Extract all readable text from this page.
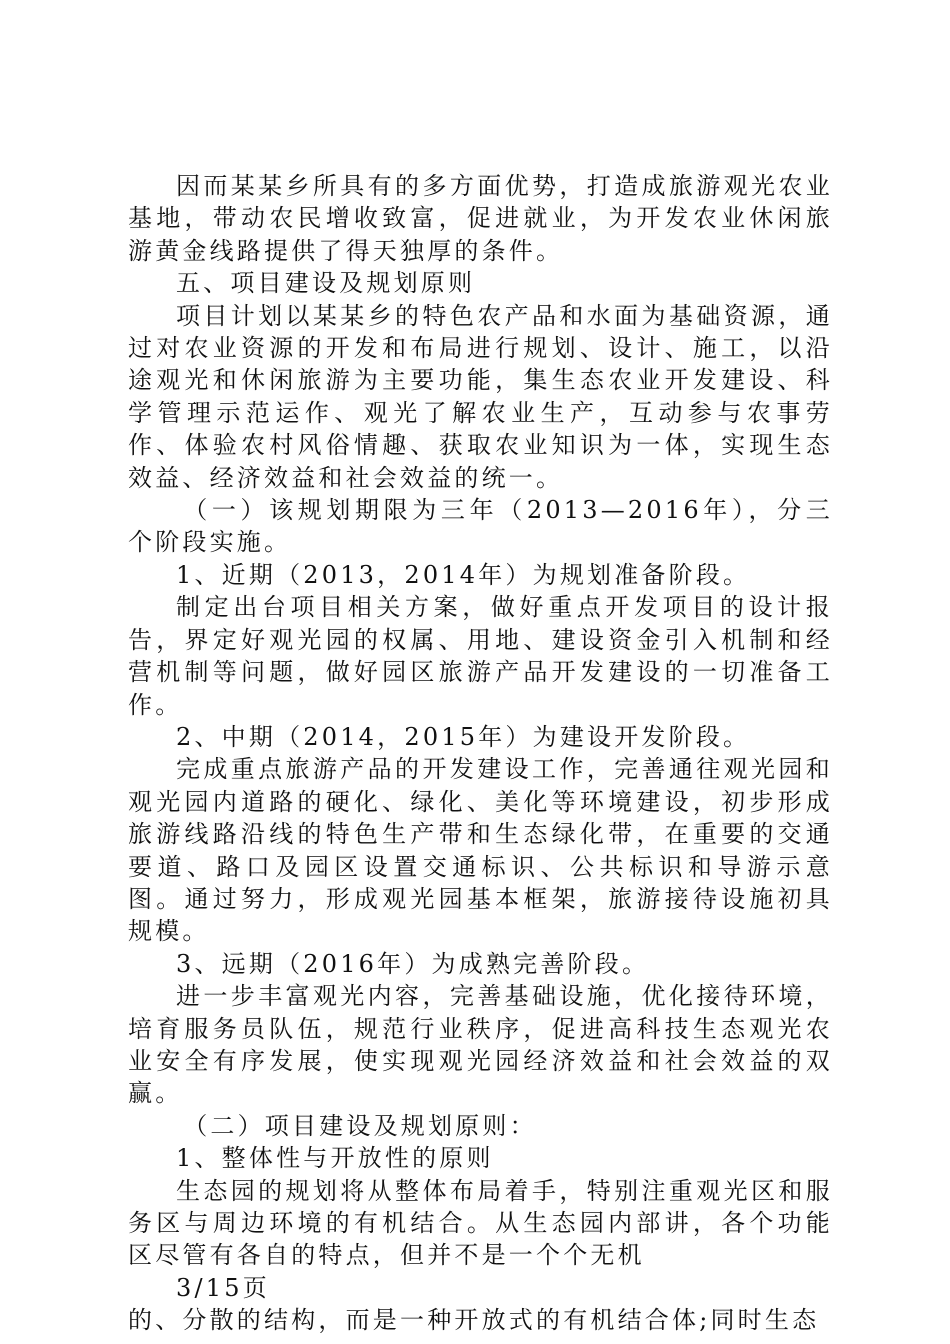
因而某某乡所具有的多方面优势，打造成旅游观光农业基地，带动农民增收致富，促进就业，为开发农业休闲旅游黄金线路提供了得天独厚的条件。

五、项目建设及规划原则

项目计划以某某乡的特色农产品和水面为基础资源，通过对农业资源的开发和布局进行规划、设计、施工，以沿途观光和休闲旅游为主要功能，集生态农业开发建设、科学管理示范运作、观光了解农业生产，互动参与农事劳作、体验农村风俗情趣、获取农业知识为一体，实现生态效益、经济效益和社会效益的统一。

（一）该规划期限为三年（2013—2016年），分三个阶段实施。

1、近期（2013，2014年）为规划准备阶段。

制定出台项目相关方案，做好重点开发项目的设计报告，界定好观光园的权属、用地、建设资金引入机制和经营机制等问题，做好园区旅游产品开发建设的一切准备工作。

2、中期（2014，2015年）为建设开发阶段。

完成重点旅游产品的开发建设工作，完善通往观光园和观光园内道路的硬化、绿化、美化等环境建设，初步形成旅游线路沿线的特色生产带和生态绿化带，在重要的交通要道、路口及园区设置交通标识、公共标识和导游示意图。通过努力，形成观光园基本框架，旅游接待设施初具规模。

3、远期（2016年）为成熟完善阶段。

进一步丰富观光内容，完善基础设施，优化接待环境，培育服务员队伍，规范行业秩序，促进高科技生态观光农业安全有序发展，使实现观光园经济效益和社会效益的双赢。

（二）项目建设及规划原则：

1、整体性与开放性的原则

生态园的规划将从整体布局着手，特别注重观光区和服务区与周边环境的有机结合。从生态园内部讲，各个功能区尽管有各自的特点，但并不是一个个无机

3/15页

的、分散的结构，而是一种开放式的有机结合体;同时生态
